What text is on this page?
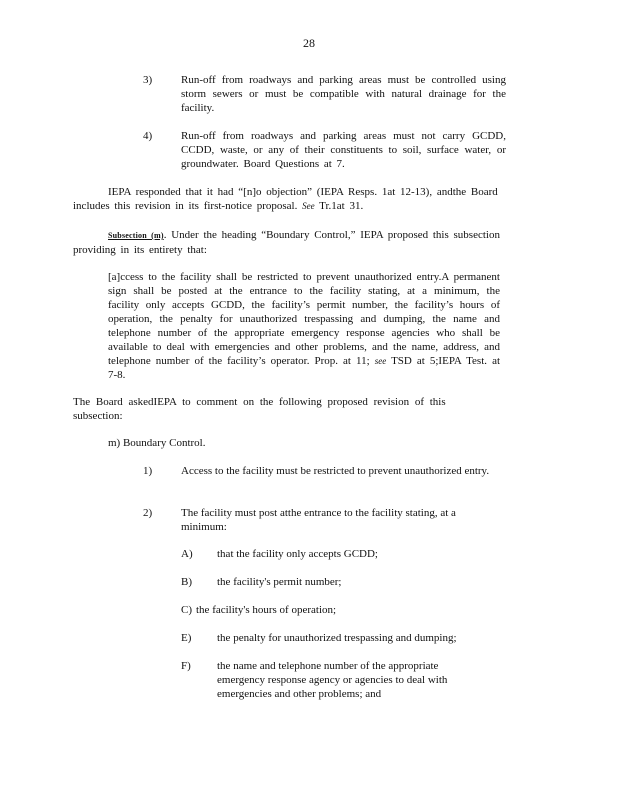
28
3)	Run-off from roadways and parking areas must be controlled using storm sewers or must be compatible with natural drainage for the facility.
4)	Run-off from roadways and parking areas must not carry GCDD, CCDD, waste, or any of their constituents to soil, surface water, or groundwater. Board Questions at 7.
IEPA responded that it had “[n]o objection” (IEPA Resps. 1at 12-13), andthe Board includes this revision in its first-notice proposal. See Tr.1at 31.
Subsection (m). Under the heading “Boundary Control,” IEPA proposed this subsection providing in its entirety that:
[a]ccess to the facility shall be restricted to prevent unauthorized entry.A permanent sign shall be posted at the entrance to the facility stating, at a minimum, the facility only accepts GCDD, the facility’s permit number, the facility’s hours of operation, the penalty for unauthorized trespassing and dumping, the name and telephone number of the appropriate emergency response agencies who shall be available to deal with emergencies and other problems, and the name, address, and telephone number of the facility’s operator. Prop. at 11; see TSD at 5;IEPA Test. at 7-8.
The Board askedIEPA to comment on the following proposed revision of this subsection:
m) Boundary Control.
1)	Access to the facility must be restricted to prevent unauthorized entry.
2)	The facility must post atthe entrance to the facility stating, at a minimum:
A) that the facility only accepts GCDD;
B) the facility's permit number;
C) the facility's hours of operation;
E) the penalty for unauthorized trespassing and dumping;
F) the name and telephone number of the appropriate emergency response agency or agencies to deal with emergencies and other problems; and
